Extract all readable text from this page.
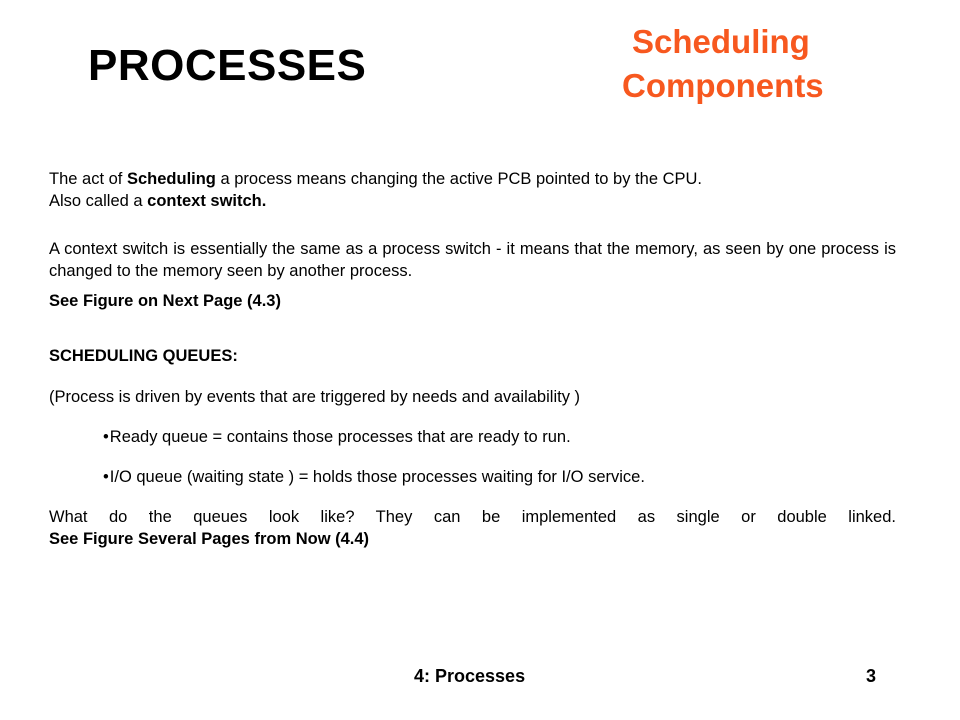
PROCESSES	Scheduling
Components

The act of Scheduling a process means changing the active PCB pointed to by the CPU.
Also called a context switch.

A context switch is essentially the same as a process switch - it means that the memory, as seen by one process is changed to the memory seen by another process.

See Figure on Next Page (4.3)

SCHEDULING QUEUES:

(Process is driven by events that are triggered by needs and availability )

•Ready queue = contains those processes that are ready to run.

•I/O queue (waiting state ) = holds those processes waiting for I/O service.

What do the queues look like? They can be implemented as single or double linked.
See Figure Several Pages from Now (4.4)

4: Processes	3
